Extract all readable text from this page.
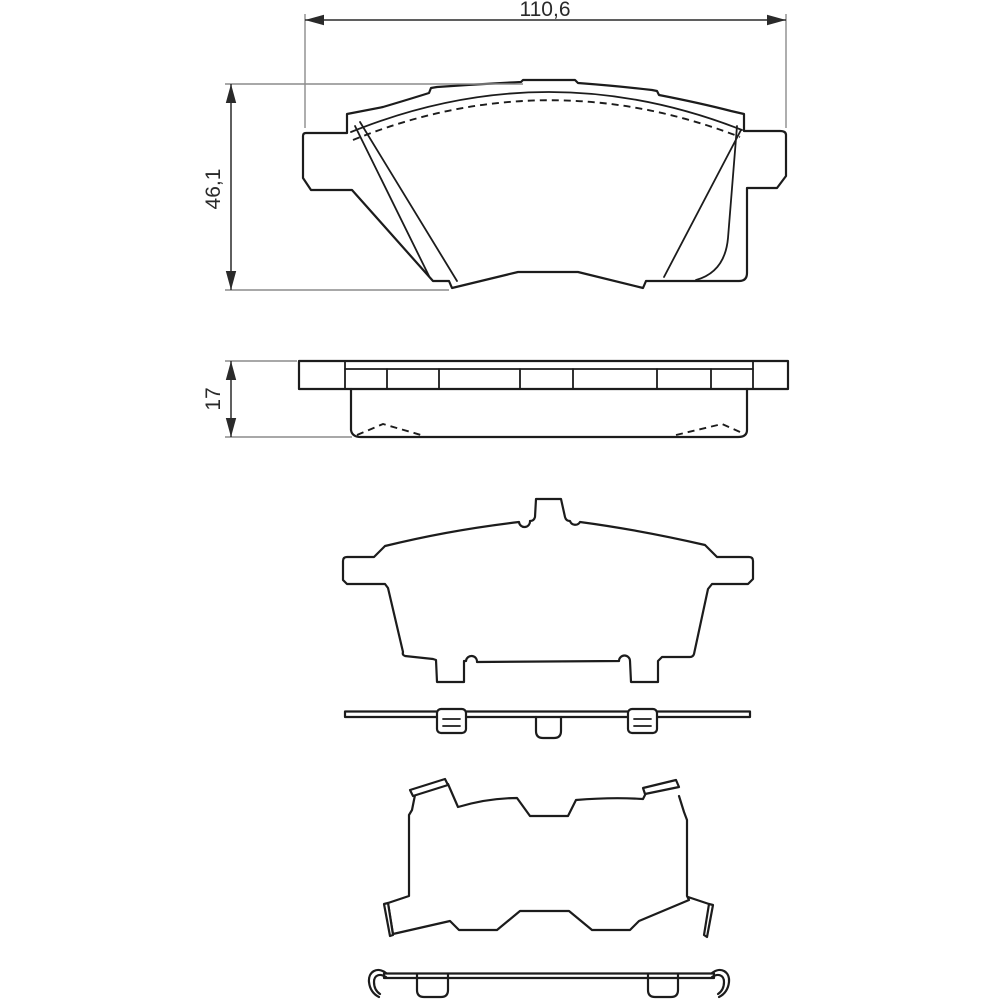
110,6
46,1
17
